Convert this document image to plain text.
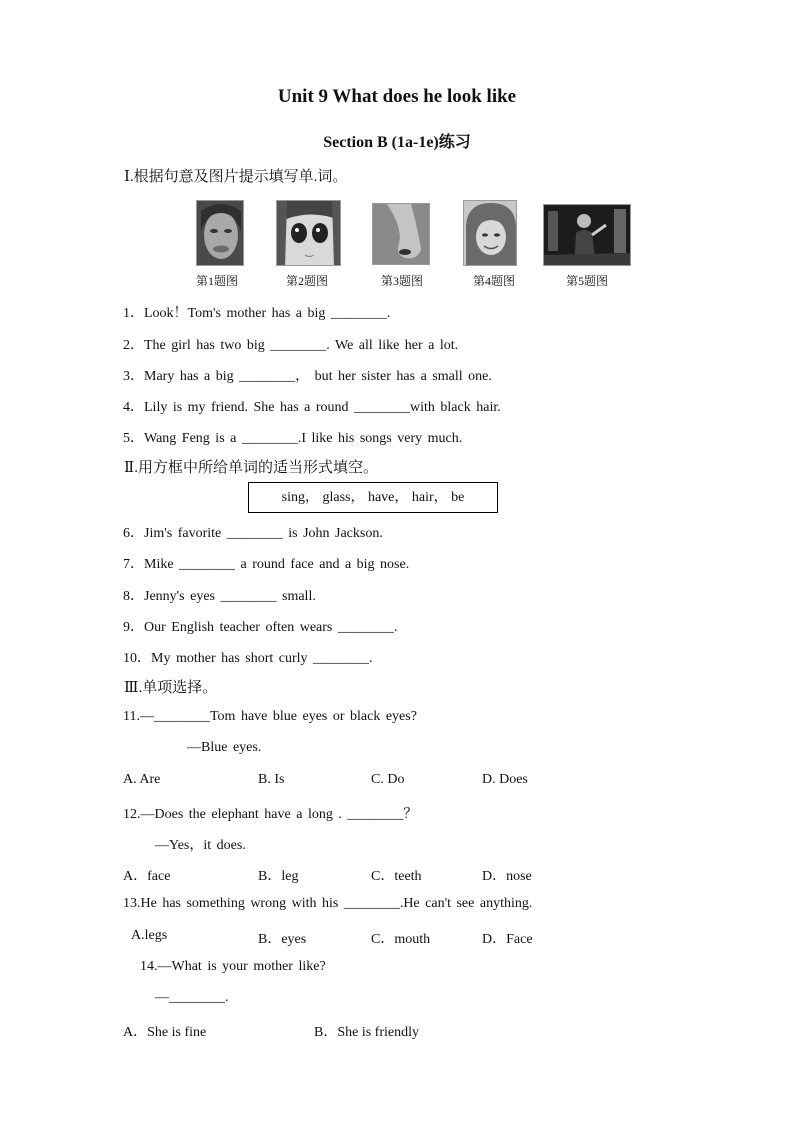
Unit 9 What does he look like
Section B (1a-1e)练习
Ⅰ.根据句意及图片提示填写单.词。
第1题图	第2题图	第3题图	第4题图	第5题图
1．Look！Tom's mother has a big ________.
2．The girl has two big ________. We all like her a lot.
3．Mary has a big ________， but her sister has a small one.
4．Lily is my friend. She has a round ________with black hair.
5．Wang Feng is a ________.I like his songs very much.
Ⅱ.用方框中所给单词的适当形式填空。
sing， glass， have， hair， be
6．Jim's favorite ________ is John Jackson.
7．Mike ________ a round face and a big nose.
8．Jenny's eyes ________ small.
9．Our English teacher often wears ________.
10．My mother has short curly ________.
Ⅲ.单项选择。
11.—________Tom have blue eyes or black eyes?
—Blue eyes.
A. Are	B. Is	C. Do	D. Does
12.—Does the elephant have a long . ________？
—Yes，it does.
A．face	B．leg	C．teeth	D．nose
13.He has something wrong with his ________.He can't see anything.
A.legs	B．eyes	C．mouth	D．Face
14.—What is your mother like?
—________.
A．She is fine	B．She is friendly
